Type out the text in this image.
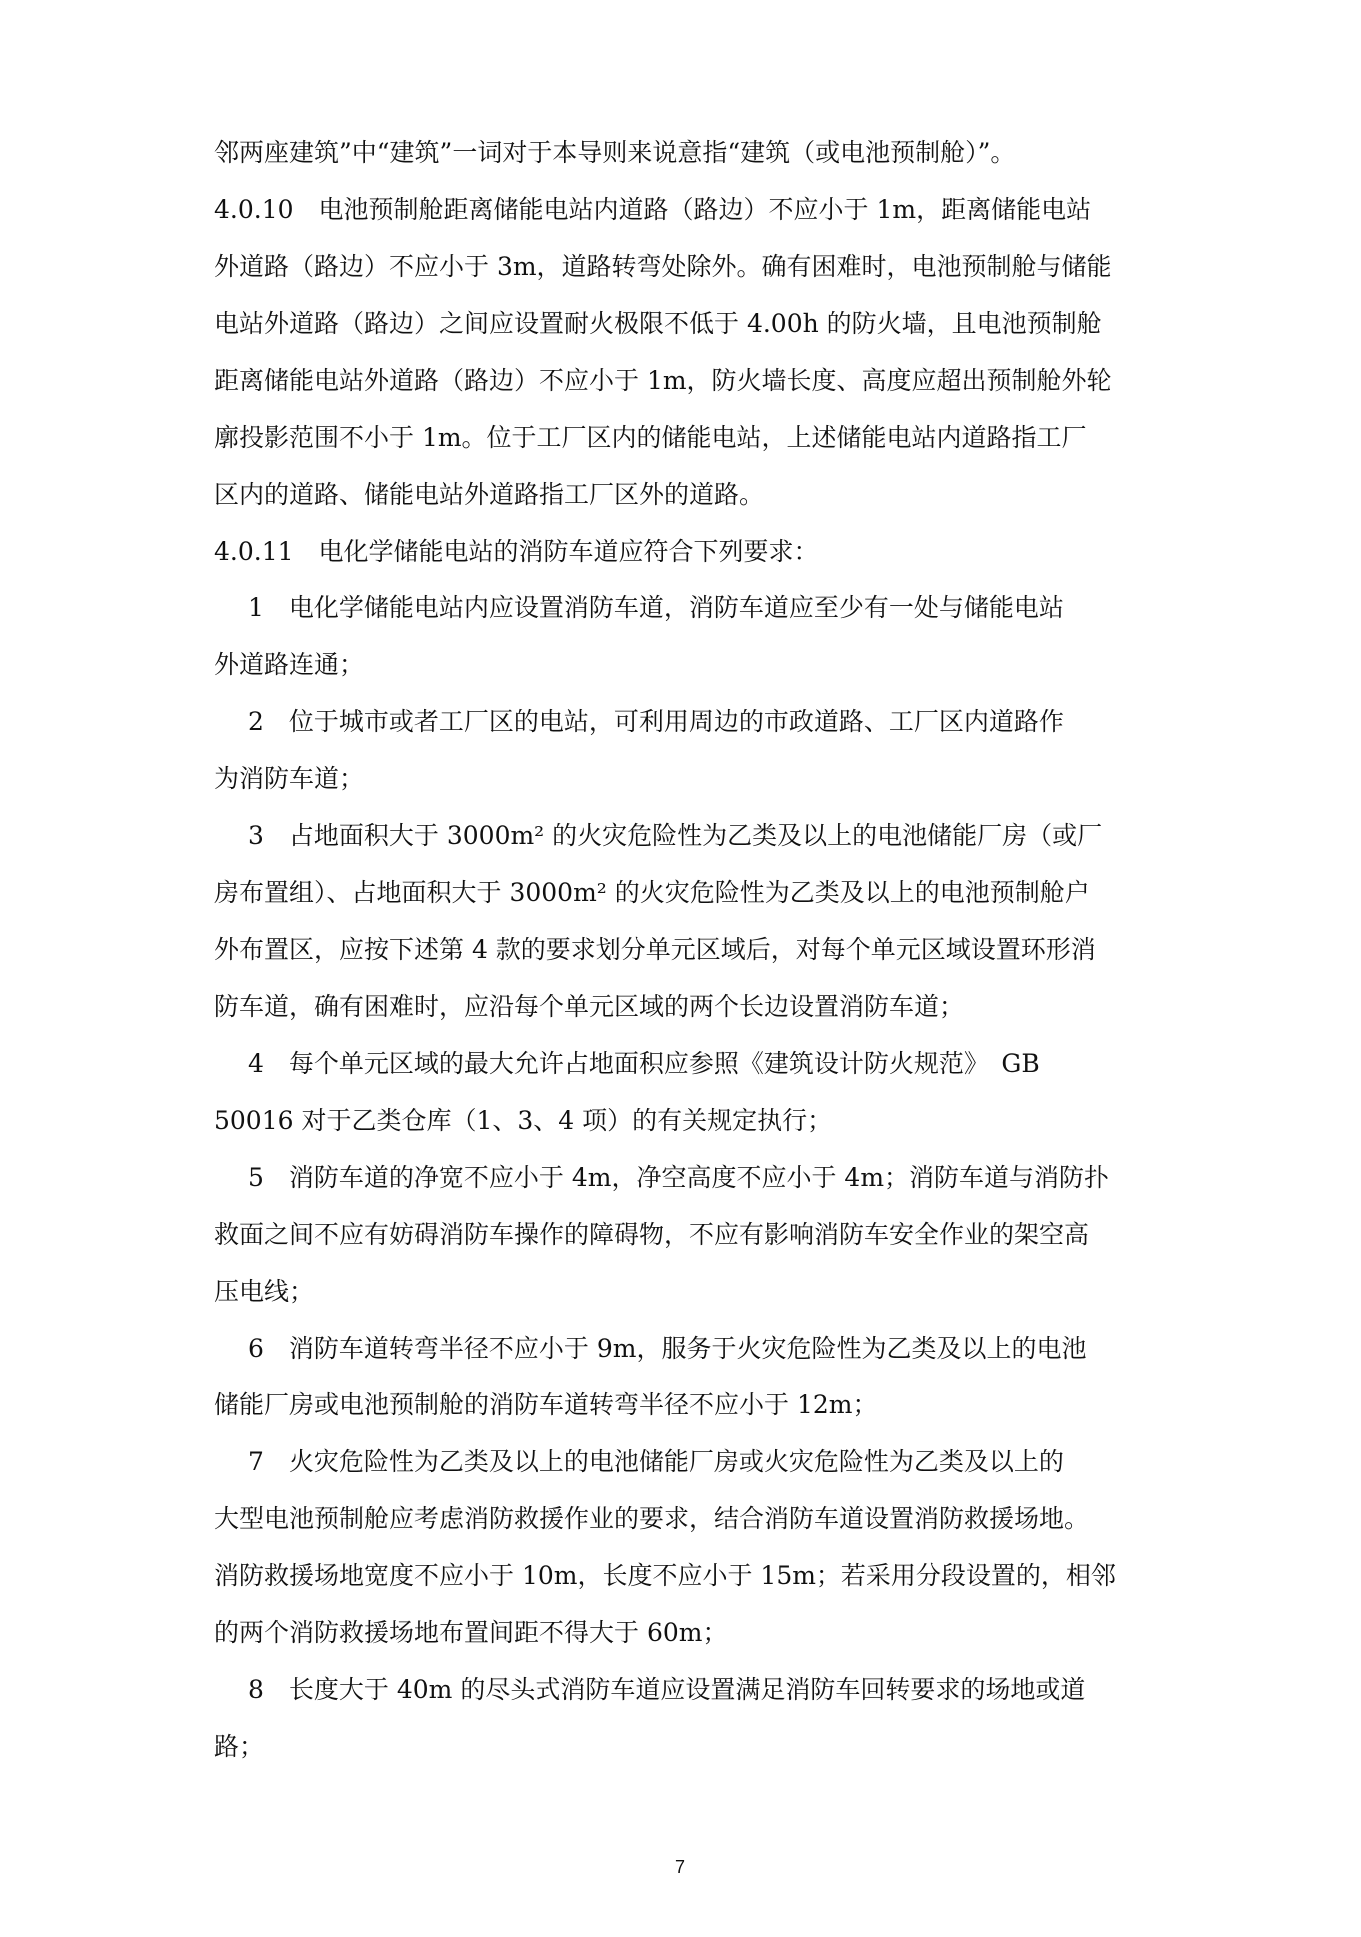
邻两座建筑”中“建筑”一词对于本导则来说意指“建筑（或电池预制舱）”。
4.0.10　电池预制舱距离储能电站内道路（路边）不应小于 1m，距离储能电站
外道路（路边）不应小于 3m，道路转弯处除外。确有困难时，电池预制舱与储能
电站外道路（路边）之间应设置耐火极限不低于 4.00h 的防火墙，且电池预制舱
距离储能电站外道路（路边）不应小于 1m，防火墙长度、高度应超出预制舱外轮
廓投影范围不小于 1m。位于工厂区内的储能电站，上述储能电站内道路指工厂
区内的道路、储能电站外道路指工厂区外的道路。
4.0.11　电化学储能电站的消防车道应符合下列要求：
1　电化学储能电站内应设置消防车道，消防车道应至少有一处与储能电站
外道路连通；
2　位于城市或者工厂区的电站，可利用周边的市政道路、工厂区内道路作
为消防车道；
3　占地面积大于 3000m² 的火灾危险性为乙类及以上的电池储能厂房（或厂
房布置组）、占地面积大于 3000m² 的火灾危险性为乙类及以上的电池预制舱户
外布置区，应按下述第 4 款的要求划分单元区域后，对每个单元区域设置环形消
防车道，确有困难时，应沿每个单元区域的两个长边设置消防车道；
4　每个单元区域的最大允许占地面积应参照《建筑设计防火规范》　GB
50016 对于乙类仓库（1、3、4 项）的有关规定执行；
5　消防车道的净宽不应小于 4m，净空高度不应小于 4m；消防车道与消防扑
救面之间不应有妨碍消防车操作的障碍物，不应有影响消防车安全作业的架空高
压电线；
6　消防车道转弯半径不应小于 9m，服务于火灾危险性为乙类及以上的电池
储能厂房或电池预制舱的消防车道转弯半径不应小于 12m；
7　火灾危险性为乙类及以上的电池储能厂房或火灾危险性为乙类及以上的
大型电池预制舱应考虑消防救援作业的要求，结合消防车道设置消防救援场地。
消防救援场地宽度不应小于 10m，长度不应小于 15m；若采用分段设置的，相邻
的两个消防救援场地布置间距不得大于 60m；
8　长度大于 40m 的尽头式消防车道应设置满足消防车回转要求的场地或道
路；
7
